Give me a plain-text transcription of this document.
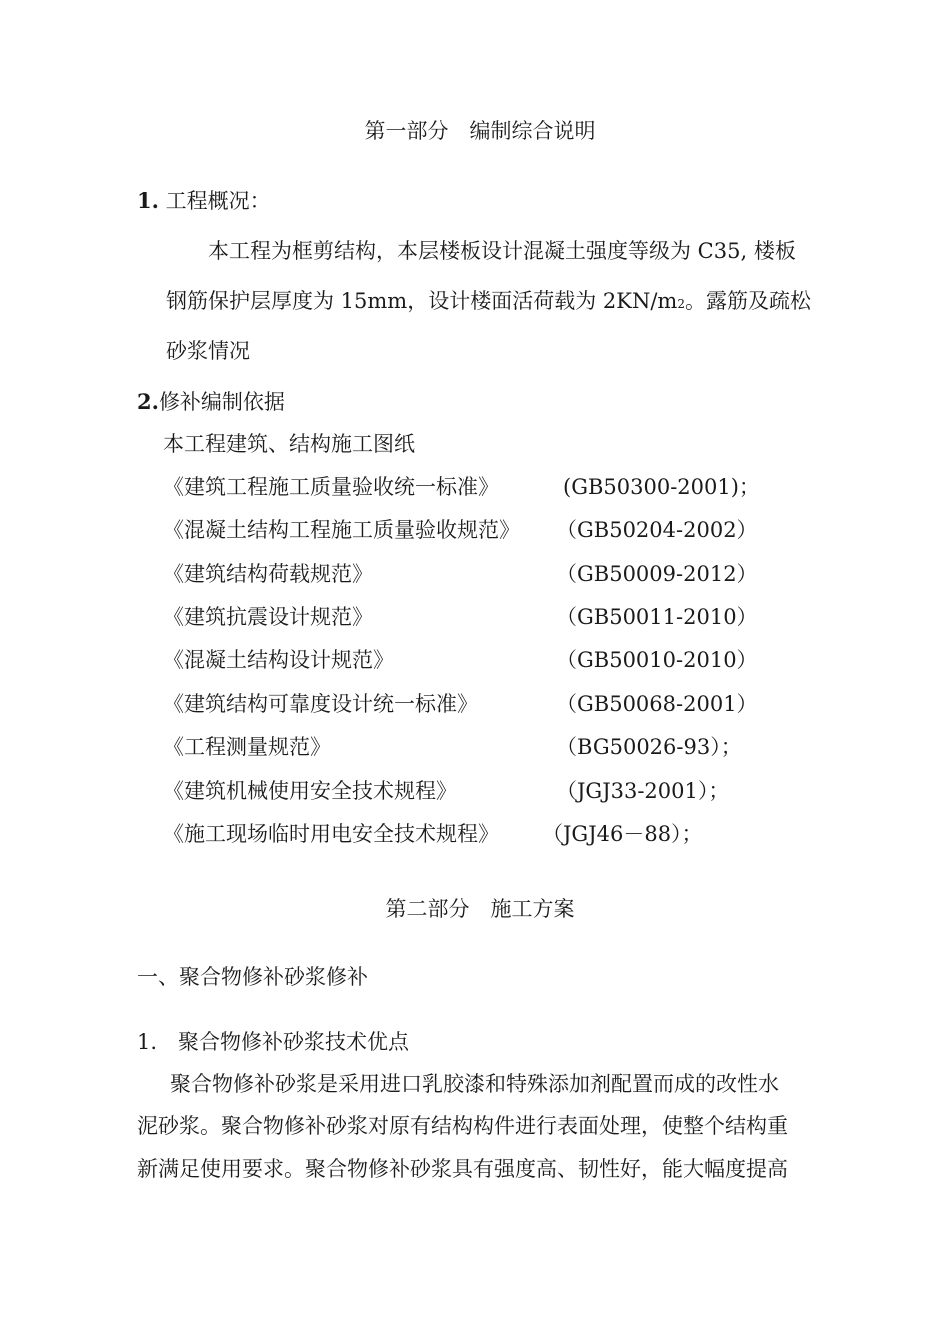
第一部分　编制综合说明
1. 工程概况：
本工程为框剪结构，本层楼板设计混凝土强度等级为 C35, 楼板
钢筋保护层厚度为 15mm，设计楼面活荷载为 2KN/m2。露筋及疏松
砂浆情况
2.修补编制依据
本工程建筑、结构施工图纸
《建筑工程施工质量验收统一标准》	(GB50300-2001)；
《混凝土结构工程施工质量验收规范》 （GB50204-2002）
《建筑结构荷载规范》	（GB50009-2012）
《建筑抗震设计规范》	（GB50011-2010）
《混凝土结构设计规范》	（GB50010-2010）
《建筑结构可靠度设计统一标准》	（GB50068-2001）
《工程测量规范》	（BG50026-93）；
《建筑机械使用安全技术规程》	（JGJ33-2001）；
《施工现场临时用电安全技术规程》 （JGJ46－88）；
第二部分　施工方案
一、聚合物修补砂浆修补
1.　聚合物修补砂浆技术优点
聚合物修补砂浆是采用进口乳胶漆和特殊添加剂配置而成的改性水
泥砂浆。聚合物修补砂浆对原有结构构件进行表面处理，使整个结构重
新满足使用要求。聚合物修补砂浆具有强度高、韧性好，能大幅度提高
